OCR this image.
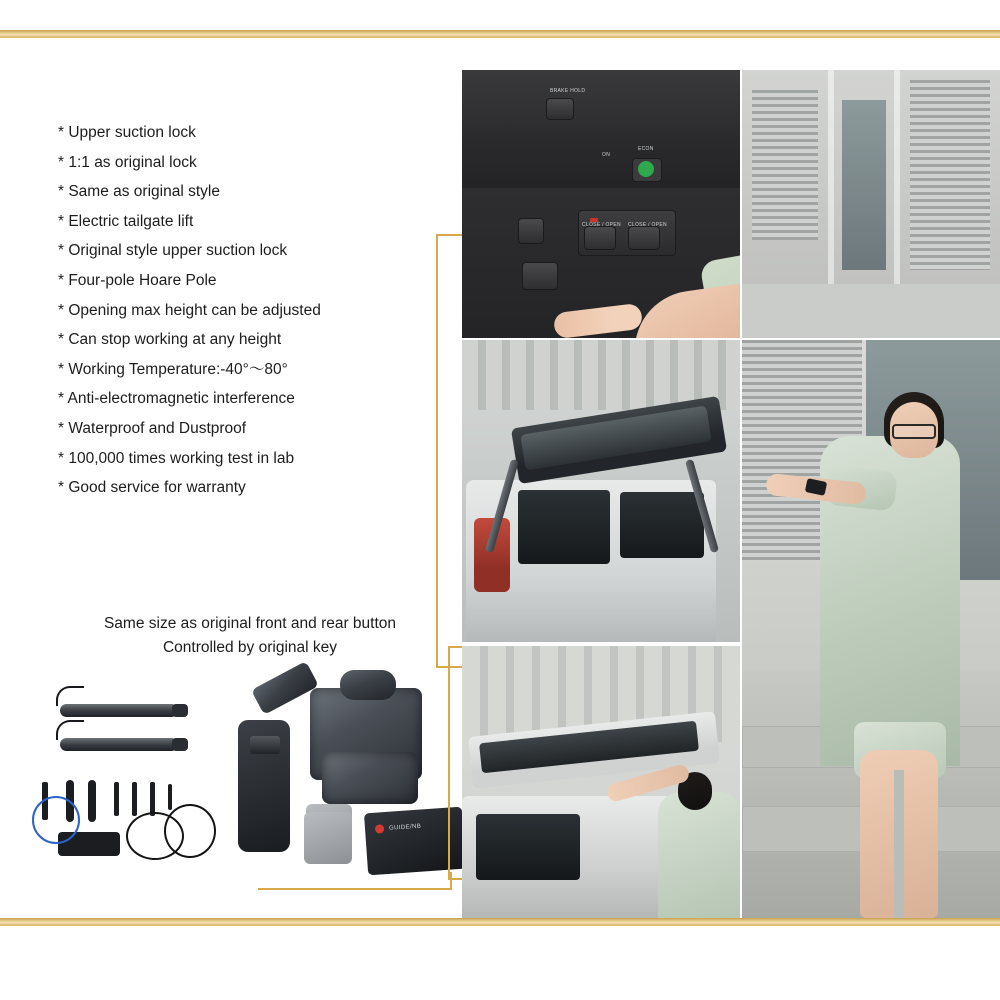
* Upper suction lock
* 1:1 as original lock
* Same as original style
* Electric tailgate lift
* Original style upper suction lock
* Four-pole Hoare Pole
* Opening max height can be adjusted
* Can stop working at any height
* Working Temperature:-40°～80°
* Anti-electromagnetic interference
* Waterproof and Dustproof
* 100,000 times working test in lab
* Good service for warranty
Same size as original front and rear button
Controlled by original key
GUIDE/NB
BRAKE HOLD
ECON
ON
CLOSE / OPEN CLOSE / OPEN
